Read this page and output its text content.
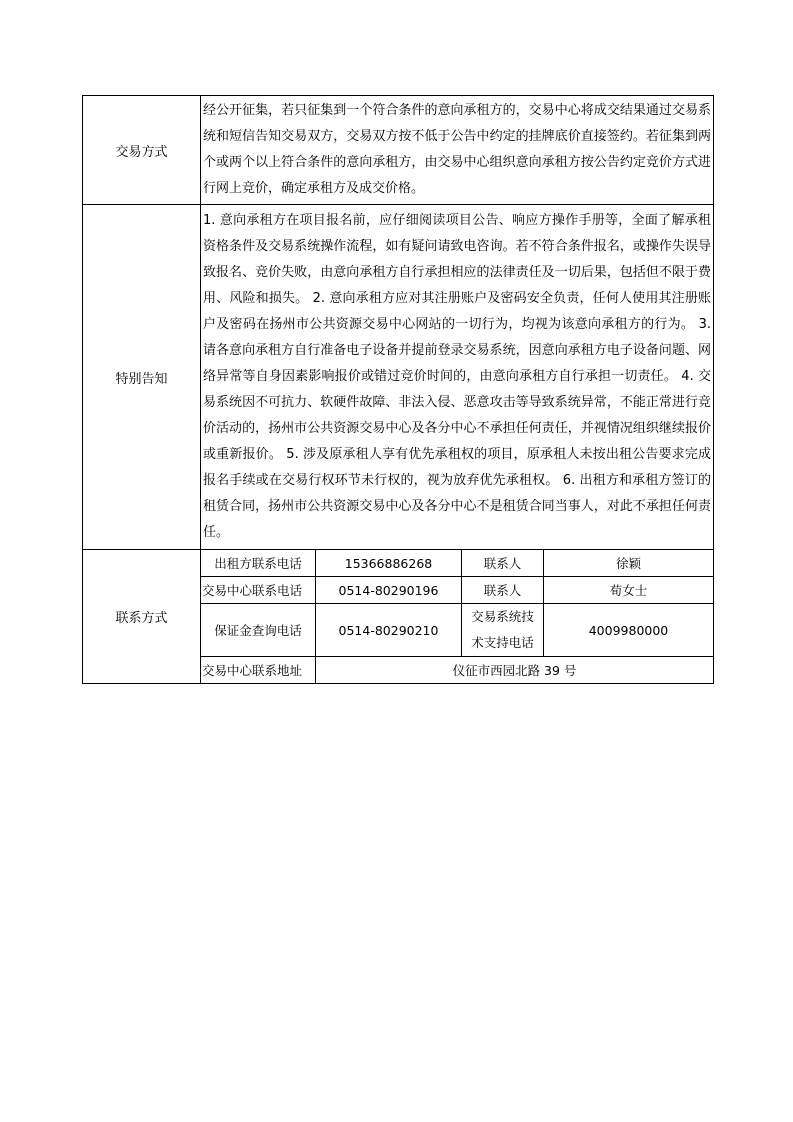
交易方式	经公开征集，若只征集到一个符合条件的意向承租方的，交易中心将成交结果通过交易系统和短信告知交易双方，交易双方按不低于公告中约定的挂牌底价直接签约。若征集到两个或两个以上符合条件的意向承租方，由交易中心组织意向承租方按公告约定竞价方式进行网上竞价，确定承租方及成交价格。			
特别告知	1. 意向承租方在项目报名前，应仔细阅读项目公告、响应方操作手册等，全面了解承租资格条件及交易系统操作流程，如有疑问请致电咨询。若不符合条件报名，或操作失误导致报名、竞价失败，由意向承租方自行承担相应的法律责任及一切后果，包括但不限于费用、风险和损失。 2. 意向承租方应对其注册账户及密码安全负责，任何人使用其注册账户及密码在扬州市公共资源交易中心网站的一切行为，均视为该意向承租方的行为。 3. 请各意向承租方自行准备电子设备并提前登录交易系统，因意向承租方电子设备问题、网络异常等自身因素影响报价或错过竞价时间的，由意向承租方自行承担一切责任。 4. 交易系统因不可抗力、软硬件故障、非法入侵、恶意攻击等导致系统异常，不能正常进行竞价活动的，扬州市公共资源交易中心及各分中心不承担任何责任，并视情况组织继续报价或重新报价。 5. 涉及原承租人享有优先承租权的项目，原承租人未按出租公告要求完成报名手续或在交易行权环节未行权的，视为放弃优先承租权。 6. 出租方和承租方签订的租赁合同，扬州市公共资源交易中心及各分中心不是租赁合同当事人，对此不承担任何责任。			
联系方式	出租方联系电话	15366886268	联系人	徐颖
	交易中心联系电话	0514-80290196	联系人	荀女士
	保证金查询电话	0514-80290210	交易系统技术支持电话	4009980000
	交易中心联系地址	仪征市西园北路 39 号		
